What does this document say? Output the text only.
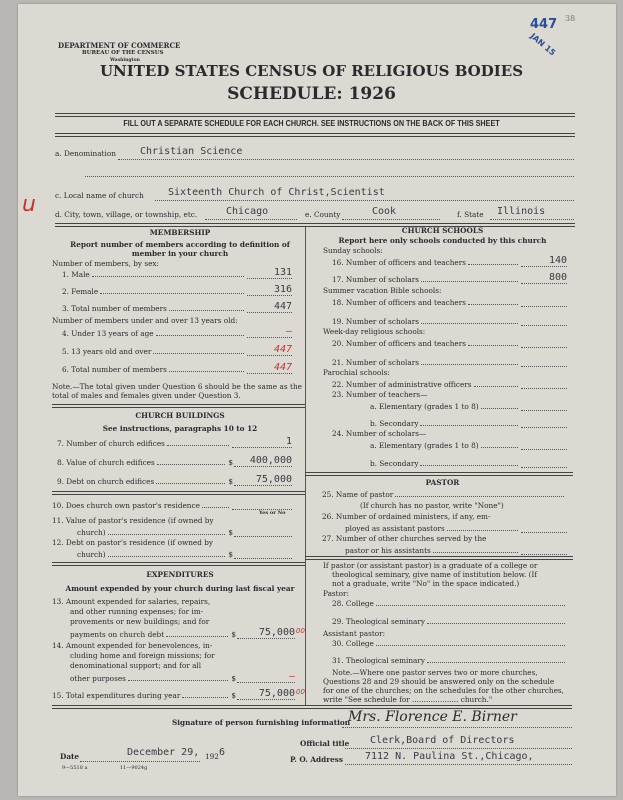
DEPARTMENT OF COMMERCE
BUREAU OF THE CENSUS
Washington
UNITED STATES CENSUS OF RELIGIOUS BODIES
SCHEDULE: 1926
447 38
JAN 15
FILL OUT A SEPARATE SCHEDULE FOR EACH CHURCH. SEE INSTRUCTIONS ON THE BACK OF THIS SHEET
a. Denomination Christian Science
c. Local name of church Sixteenth Church of Christ,Scientist
u	d. City, town, village, or township, etc.	Chicago	e. County	Cook	f. State Illinois
MEMBERSHIP
Report number of members according to definition of member in your church
Number of members, by sex:
1. Male	131
2. Female	316
3. Total number of members	447
Number of members under and over 13 years old:
4. Under 13 years of age	—
5. 13 years old and over	447
6. Total number of members	447
Note.—The total given under Question 6 should be the same as the total of males and females given under Question 3.
CHURCH BUILDINGS
See instructions, paragraphs 10 to 12
7. Number of church edifices	1
8. Value of church edifices	$	400,000
9. Debt on church edifices	$	75,000
10. Does church own pastor's residence
Yes or No
11. Value of pastor's residence (if owned by
church)	$
12. Debt on pastor's residence (if owned by
church)	$
EXPENDITURES
Amount expended by your church during last fiscal year
13. Amount expended for salaries, repairs,
and other running expenses; for im-
provements or new buildings; and for
payments on church debt	$	75,000 00
14. Amount expended for benevolences, in-
cluding home and foreign missions; for
denominational support; and for all
other purposes	$	—
15. Total expenditures during year	$	75,000 00
CHURCH SCHOOLS
Report here only schools conducted by this church
Sunday schools:
16. Number of officers and teachers	140
17. Number of scholars	800
Summer vacation Bible schools:
18. Number of officers and teachers
19. Number of scholars
Week-day religious schools:
20. Number of officers and teachers
21. Number of scholars
Parochial schools:
22. Number of administrative officers
23. Number of teachers—
a. Elementary (grades 1 to 8)
b. Secondary
24. Number of scholars—
a. Elementary (grades 1 to 8)
b. Secondary
PASTOR
25. Name of pastor
(If church has no pastor, write "None")
26. Number of ordained ministers, if any, em-
ployed as assistant pastors
27. Number of other churches served by the
pastor or his assistants
If pastor (or assistant pastor) is a graduate of a college or
theological seminary, give name of institution below. (If
not a graduate, write "No" in the space indicated.)
Pastor:
28. College
29. Theological seminary
Assistant pastor:
30. College
31. Theological seminary
Note.—Where one pastor serves two or more churches,
Questions 28 and 29 should be answered only on the schedule
for one of the churches; on the schedules for the other churches,
write "See schedule for .................... church."
Signature of person furnishing information
Mrs. Florence E. Birner
Official title Clerk,Board of Directors
Date	December 29, 192 6
P. O. Address 7112 N. Paulina St.,Chicago,
9—5518 a	11—9024g
